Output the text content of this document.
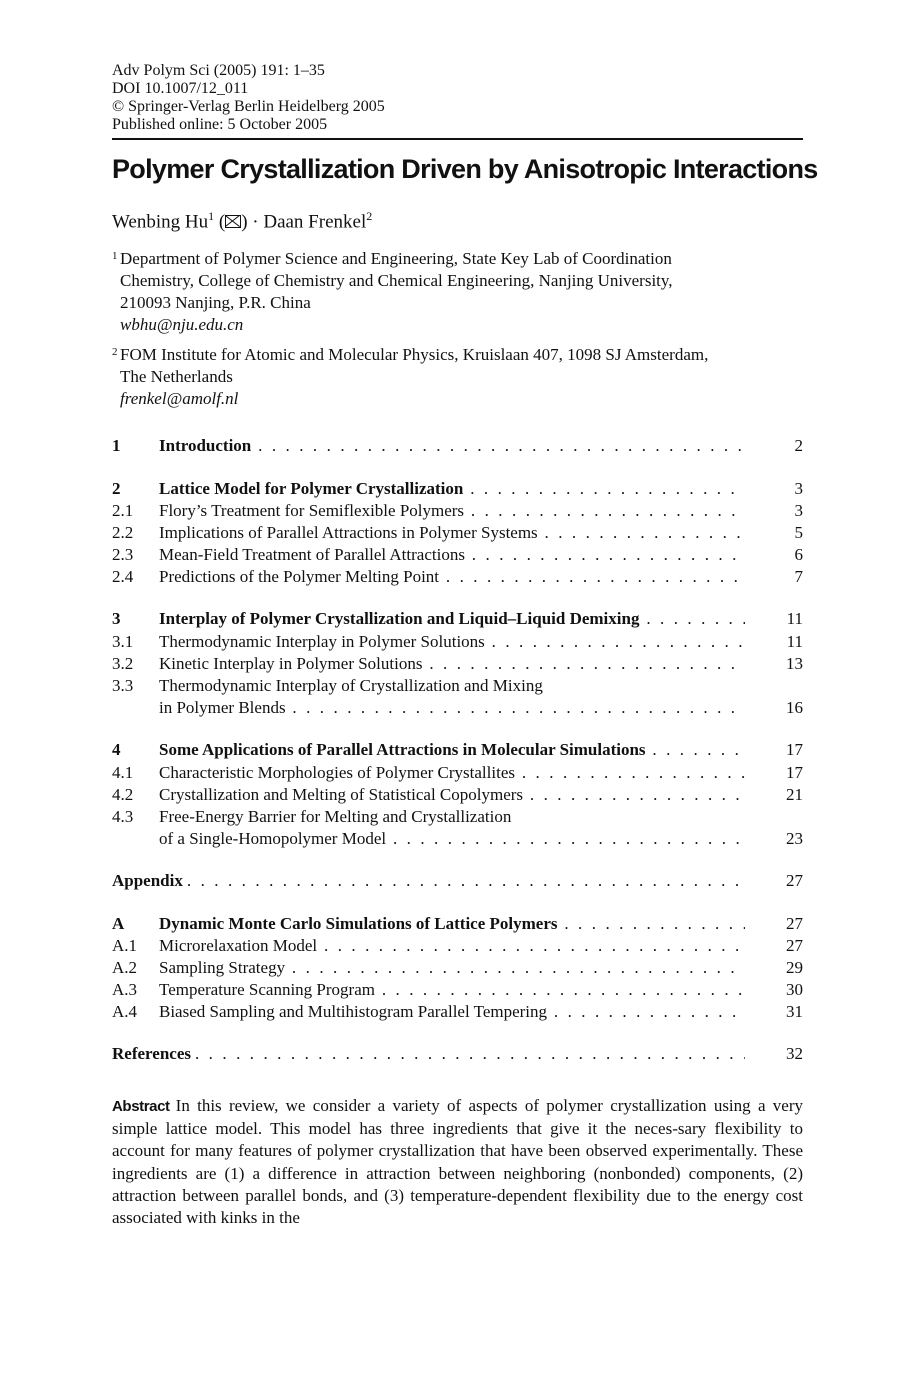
Adv Polym Sci (2005) 191: 1–35
DOI 10.1007/12_011
© Springer-Verlag Berlin Heidelberg 2005
Published online: 5 October 2005
Polymer Crystallization Driven by Anisotropic Interactions
Wenbing Hu$^1$ ( ) · Daan Frenkel$^2$
1 Department of Polymer Science and Engineering, State Key Lab of Coordination
Chemistry, College of Chemistry and Chemical Engineering, Nanjing University,
210093 Nanjing, P.R. China
wbhu@nju.edu.cn
2 FOM Institute for Atomic and Molecular Physics, Kruislaan 407, 1098 SJ Amsterdam,
The Netherlands
frenkel@amolf.nl
1	Introduction . . .	2
2	Lattice Model for Polymer Crystallization . . .	3
2.1	Flory’s Treatment for Semiflexible Polymers . . .	3
2.2	Implications of Parallel Attractions in Polymer Systems . . .	5
2.3	Mean-Field Treatment of Parallel Attractions . . .	6
2.4	Predictions of the Polymer Melting Point . . .	7
3	Interplay of Polymer Crystallization and Liquid–Liquid Demixing . . .	11
3.1	Thermodynamic Interplay in Polymer Solutions . . .	11
3.2	Kinetic Interplay in Polymer Solutions . . .	13
3.3	Thermodynamic Interplay of Crystallization and Mixing
in Polymer Blends . . .	16
4	Some Applications of Parallel Attractions in Molecular Simulations . . .	17
4.1	Characteristic Morphologies of Polymer Crystallites . . .	17
4.2	Crystallization and Melting of Statistical Copolymers . . .	21
4.3	Free-Energy Barrier for Melting and Crystallization
of a Single-Homopolymer Model . . .	23
Appendix . . .	27
A	Dynamic Monte Carlo Simulations of Lattice Polymers . . .	27
A.1	Microrelaxation Model . . .	27
A.2	Sampling Strategy . . .	29
A.3	Temperature Scanning Program . . .	30
A.4	Biased Sampling and Multihistogram Parallel Tempering . . .	31
References . . .	32
Abstract In this review, we consider a variety of aspects of polymer crystallization using a very simple lattice model. This model has three ingredients that give it the neces-sary flexibility to account for many features of polymer crystallization that have been observed experimentally. These ingredients are (1) a difference in attraction between neighboring (nonbonded) components, (2) attraction between parallel bonds, and (3) temperature-dependent flexibility due to the energy cost associated with kinks in the
